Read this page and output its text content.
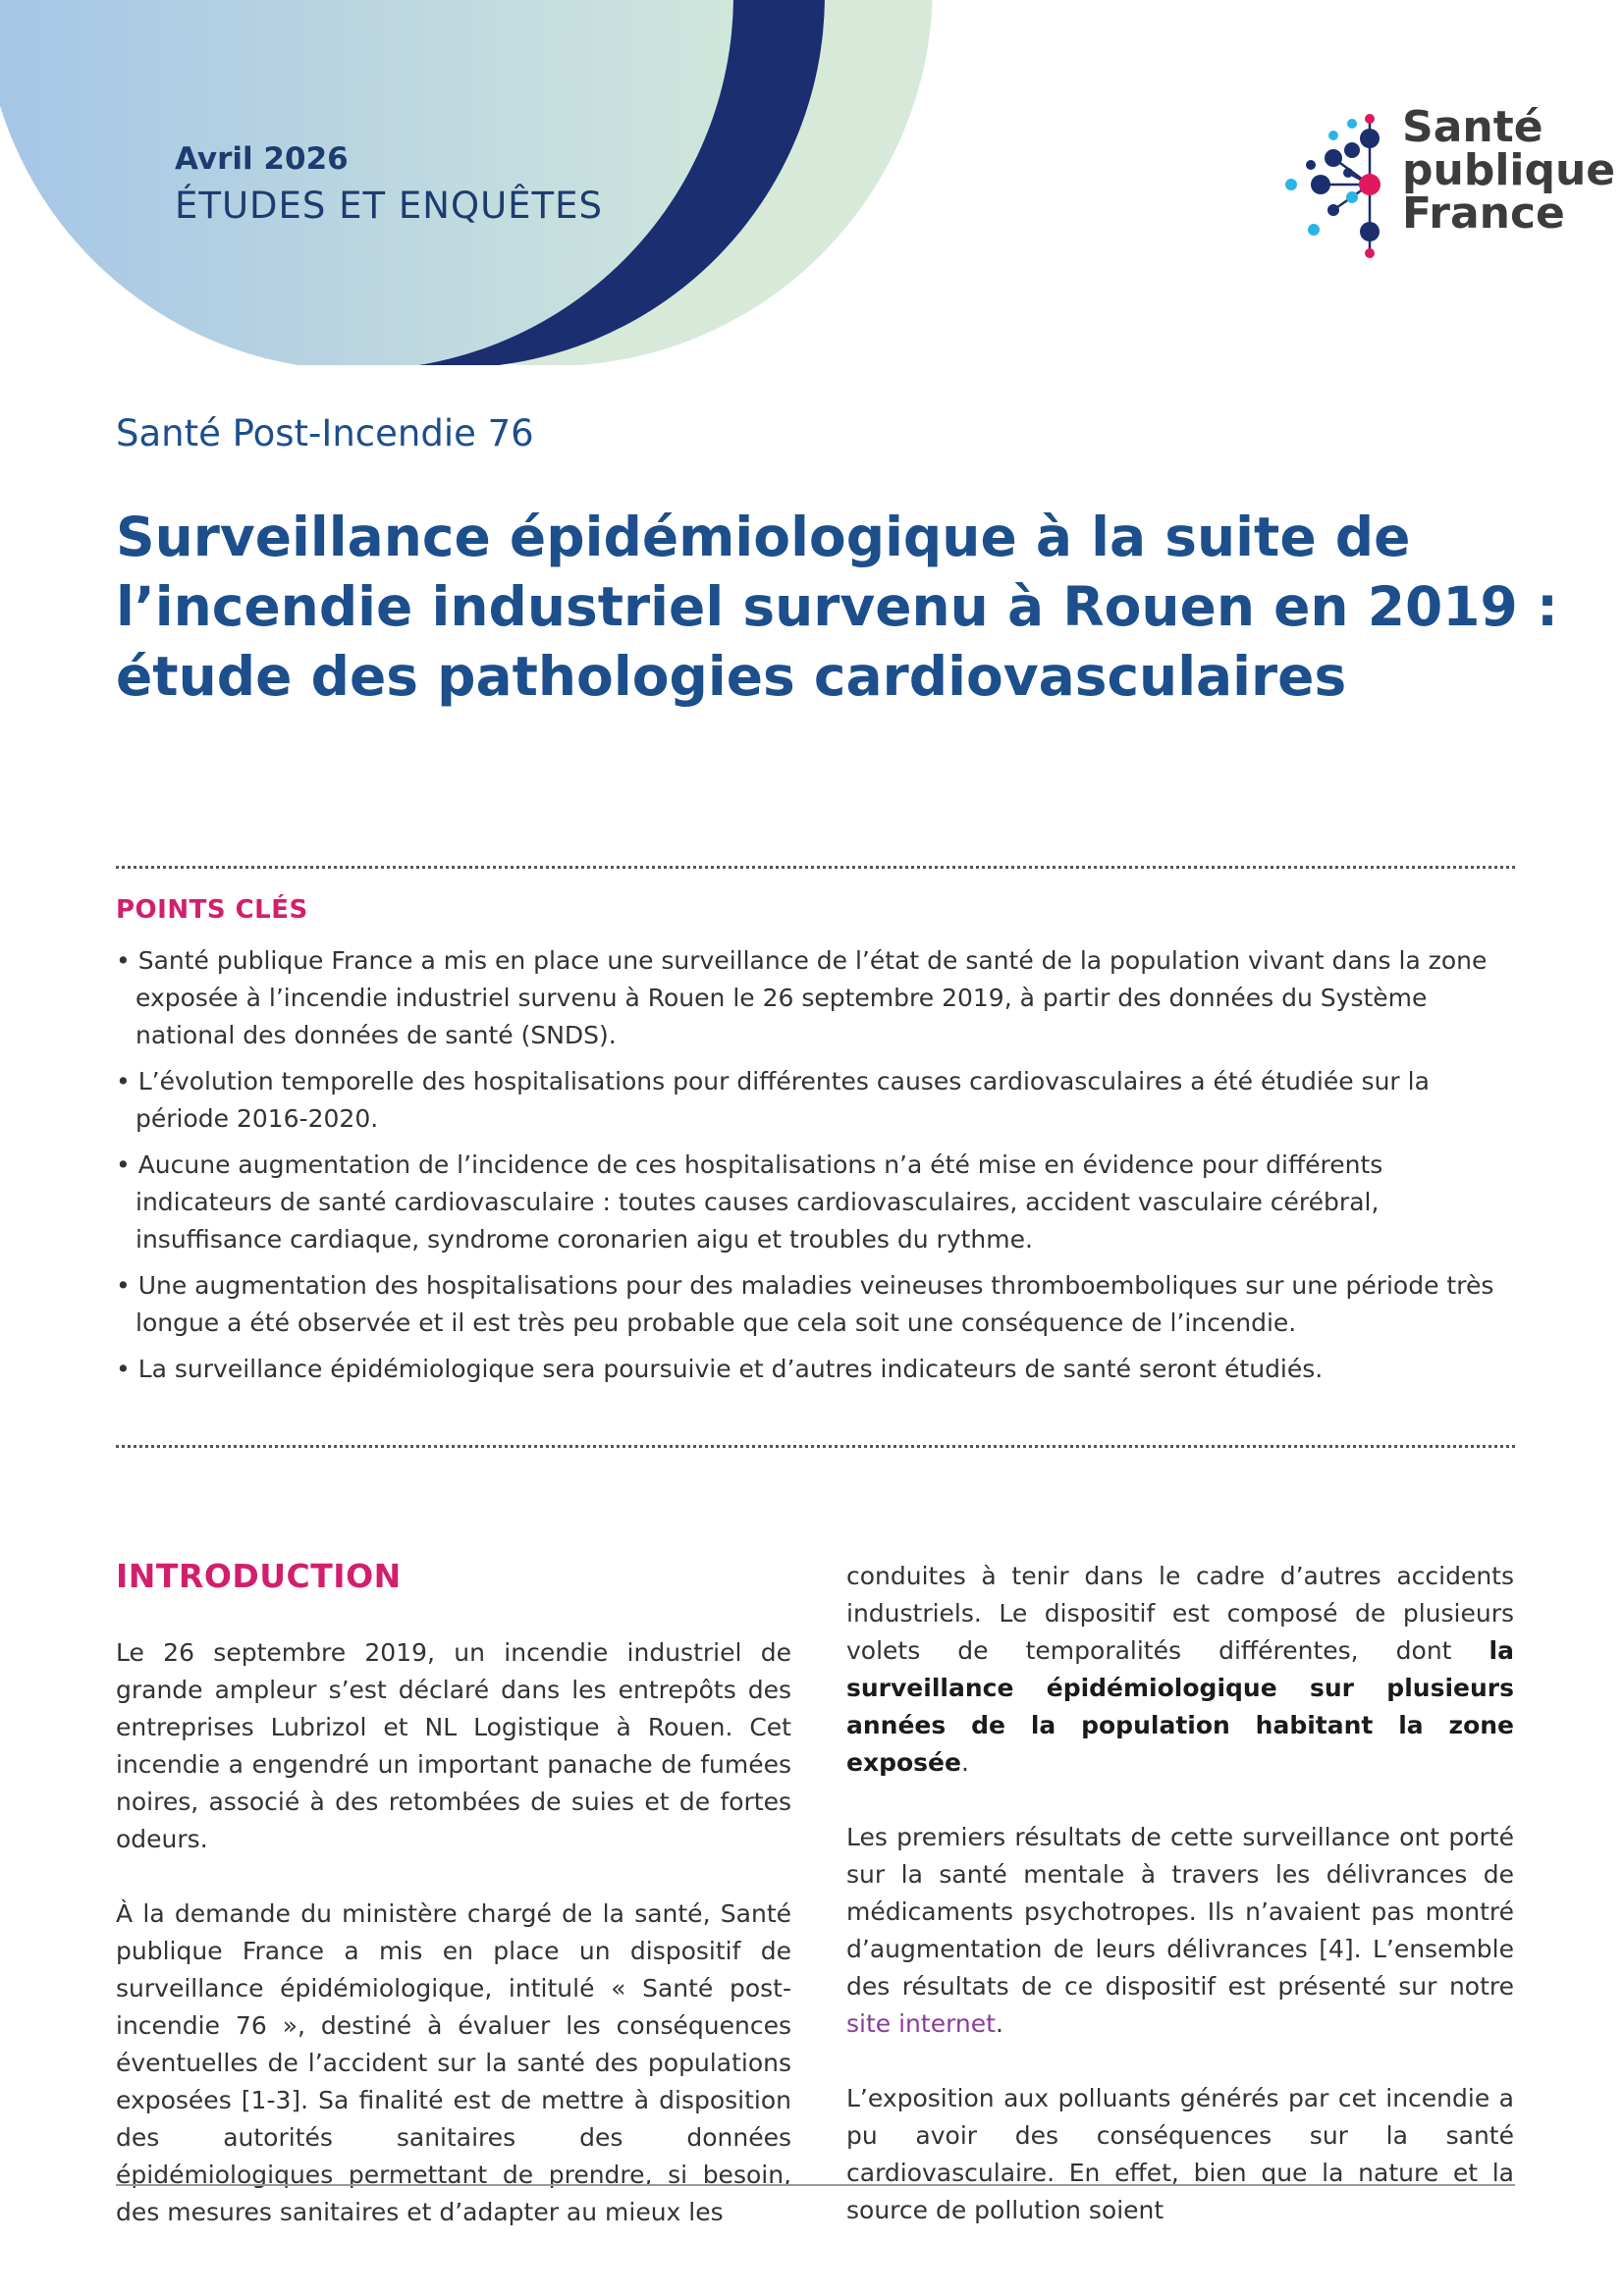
Avril 2026
ÉTUDES ET ENQUÊTES
Santé
publique
France
Santé Post-Incendie 76
Surveillance épidémiologique à la suite de
l’incendie industriel survenu à Rouen en 2019 :
étude des pathologies cardiovasculaires
POINTS CLÉS
• Santé publique France a mis en place une surveillance de l’état de santé de la population vivant dans la zone exposée à l’incendie industriel survenu à Rouen le 26 septembre 2019, à partir des données du Système national des données de santé (SNDS).
• L’évolution temporelle des hospitalisations pour différentes causes cardiovasculaires a été étudiée sur la période 2016-2020.
• Aucune augmentation de l’incidence de ces hospitalisations n’a été mise en évidence pour différents indicateurs de santé cardiovasculaire : toutes causes cardiovasculaires, accident vasculaire cérébral, insuffisance cardiaque, syndrome coronarien aigu et troubles du rythme.
• Une augmentation des hospitalisations pour des maladies veineuses thromboemboliques sur une période très longue a été observée et il est très peu probable que cela soit une conséquence de l’incendie.
• La surveillance épidémiologique sera poursuivie et d’autres indicateurs de santé seront étudiés.
INTRODUCTION

Le 26 septembre 2019, un incendie industriel de grande ampleur s’est déclaré dans les entrepôts des entreprises Lubrizol et NL Logistique à Rouen. Cet incendie a engendré un important panache de fumées noires, associé à des retombées de suies et de fortes odeurs.

À la demande du ministère chargé de la santé, Santé publique France a mis en place un dispositif de surveillance épidémiologique, intitulé « Santé post-incendie 76 », destiné à évaluer les conséquences éventuelles de l’accident sur la santé des populations exposées [1-3]. Sa finalité est de mettre à disposition des autorités sanitaires des données épidémiologiques permettant de prendre, si besoin, des mesures sanitaires et d’adapter au mieux les

conduites à tenir dans le cadre d’autres accidents industriels. Le dispositif est composé de plusieurs volets de temporalités différentes, dont la surveillance épidémiologique sur plusieurs années de la population habitant la zone exposée.

Les premiers résultats de cette surveillance ont porté sur la santé mentale à travers les délivrances de médicaments psychotropes. Ils n’avaient pas montré d’augmentation de leurs délivrances [4]. L’ensemble des résultats de ce dispositif est présenté sur notre site internet.

L’exposition aux polluants générés par cet incendie a pu avoir des conséquences sur la santé cardiovasculaire. En effet, bien que la nature et la source de pollution soient
